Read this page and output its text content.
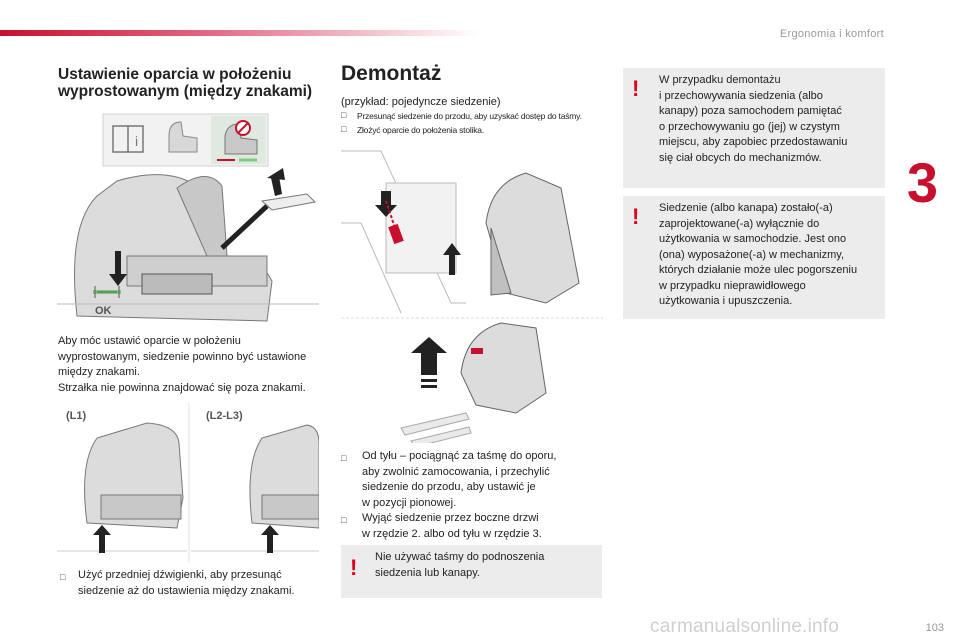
Ergonomia i komfort
3
Ustawienie oparcia w położeniu
wyprostowanym (między znakami)
i
OK
Aby móc ustawić oparcie w położeniu
wyprostowanym, siedzenie powinno być ustawione
między znakami.
Strzałka nie powinna znajdować się poza znakami.
(L1)	(L2-L3)
□ Użyć przedniej dźwigienki, aby przesunąć
siedzenie aż do ustawienia między znakami.
Demontaż
(przykład: pojedyncze siedzenie)
□ Przesunąć siedzenie do przodu, aby uzyskać dostęp do taśmy.
□ Złożyć oparcie do położenia stolika.
□
□
Od tyłu – pociągnąć za taśmę do oporu,
aby zwolnić zamocowania, i przechylić
siedzenie do przodu, aby ustawić je
w pozycji pionowej.
Wyjąć siedzenie przez boczne drzwi
w rzędzie 2. albo od tyłu w rzędzie 3.
! Nie używać taśmy do podnoszenia
siedzenia lub kanapy.
! W przypadku demontażu
i przechowywania siedzenia (albo
kanapy) poza samochodem pamiętać
o przechowywaniu go (jej) w czystym
miejscu, aby zapobiec przedostawaniu
się ciał obcych do mechanizmów.
! Siedzenie (albo kanapa) zostało(-a)
zaprojektowane(-a) wyłącznie do
użytkowania w samochodzie. Jest ono
(ona) wyposażone(-a) w mechanizmy,
których działanie może ulec pogorszeniu
w przypadku nieprawidłowego
użytkowania i upuszczenia.
carmanualsonline.info	103
